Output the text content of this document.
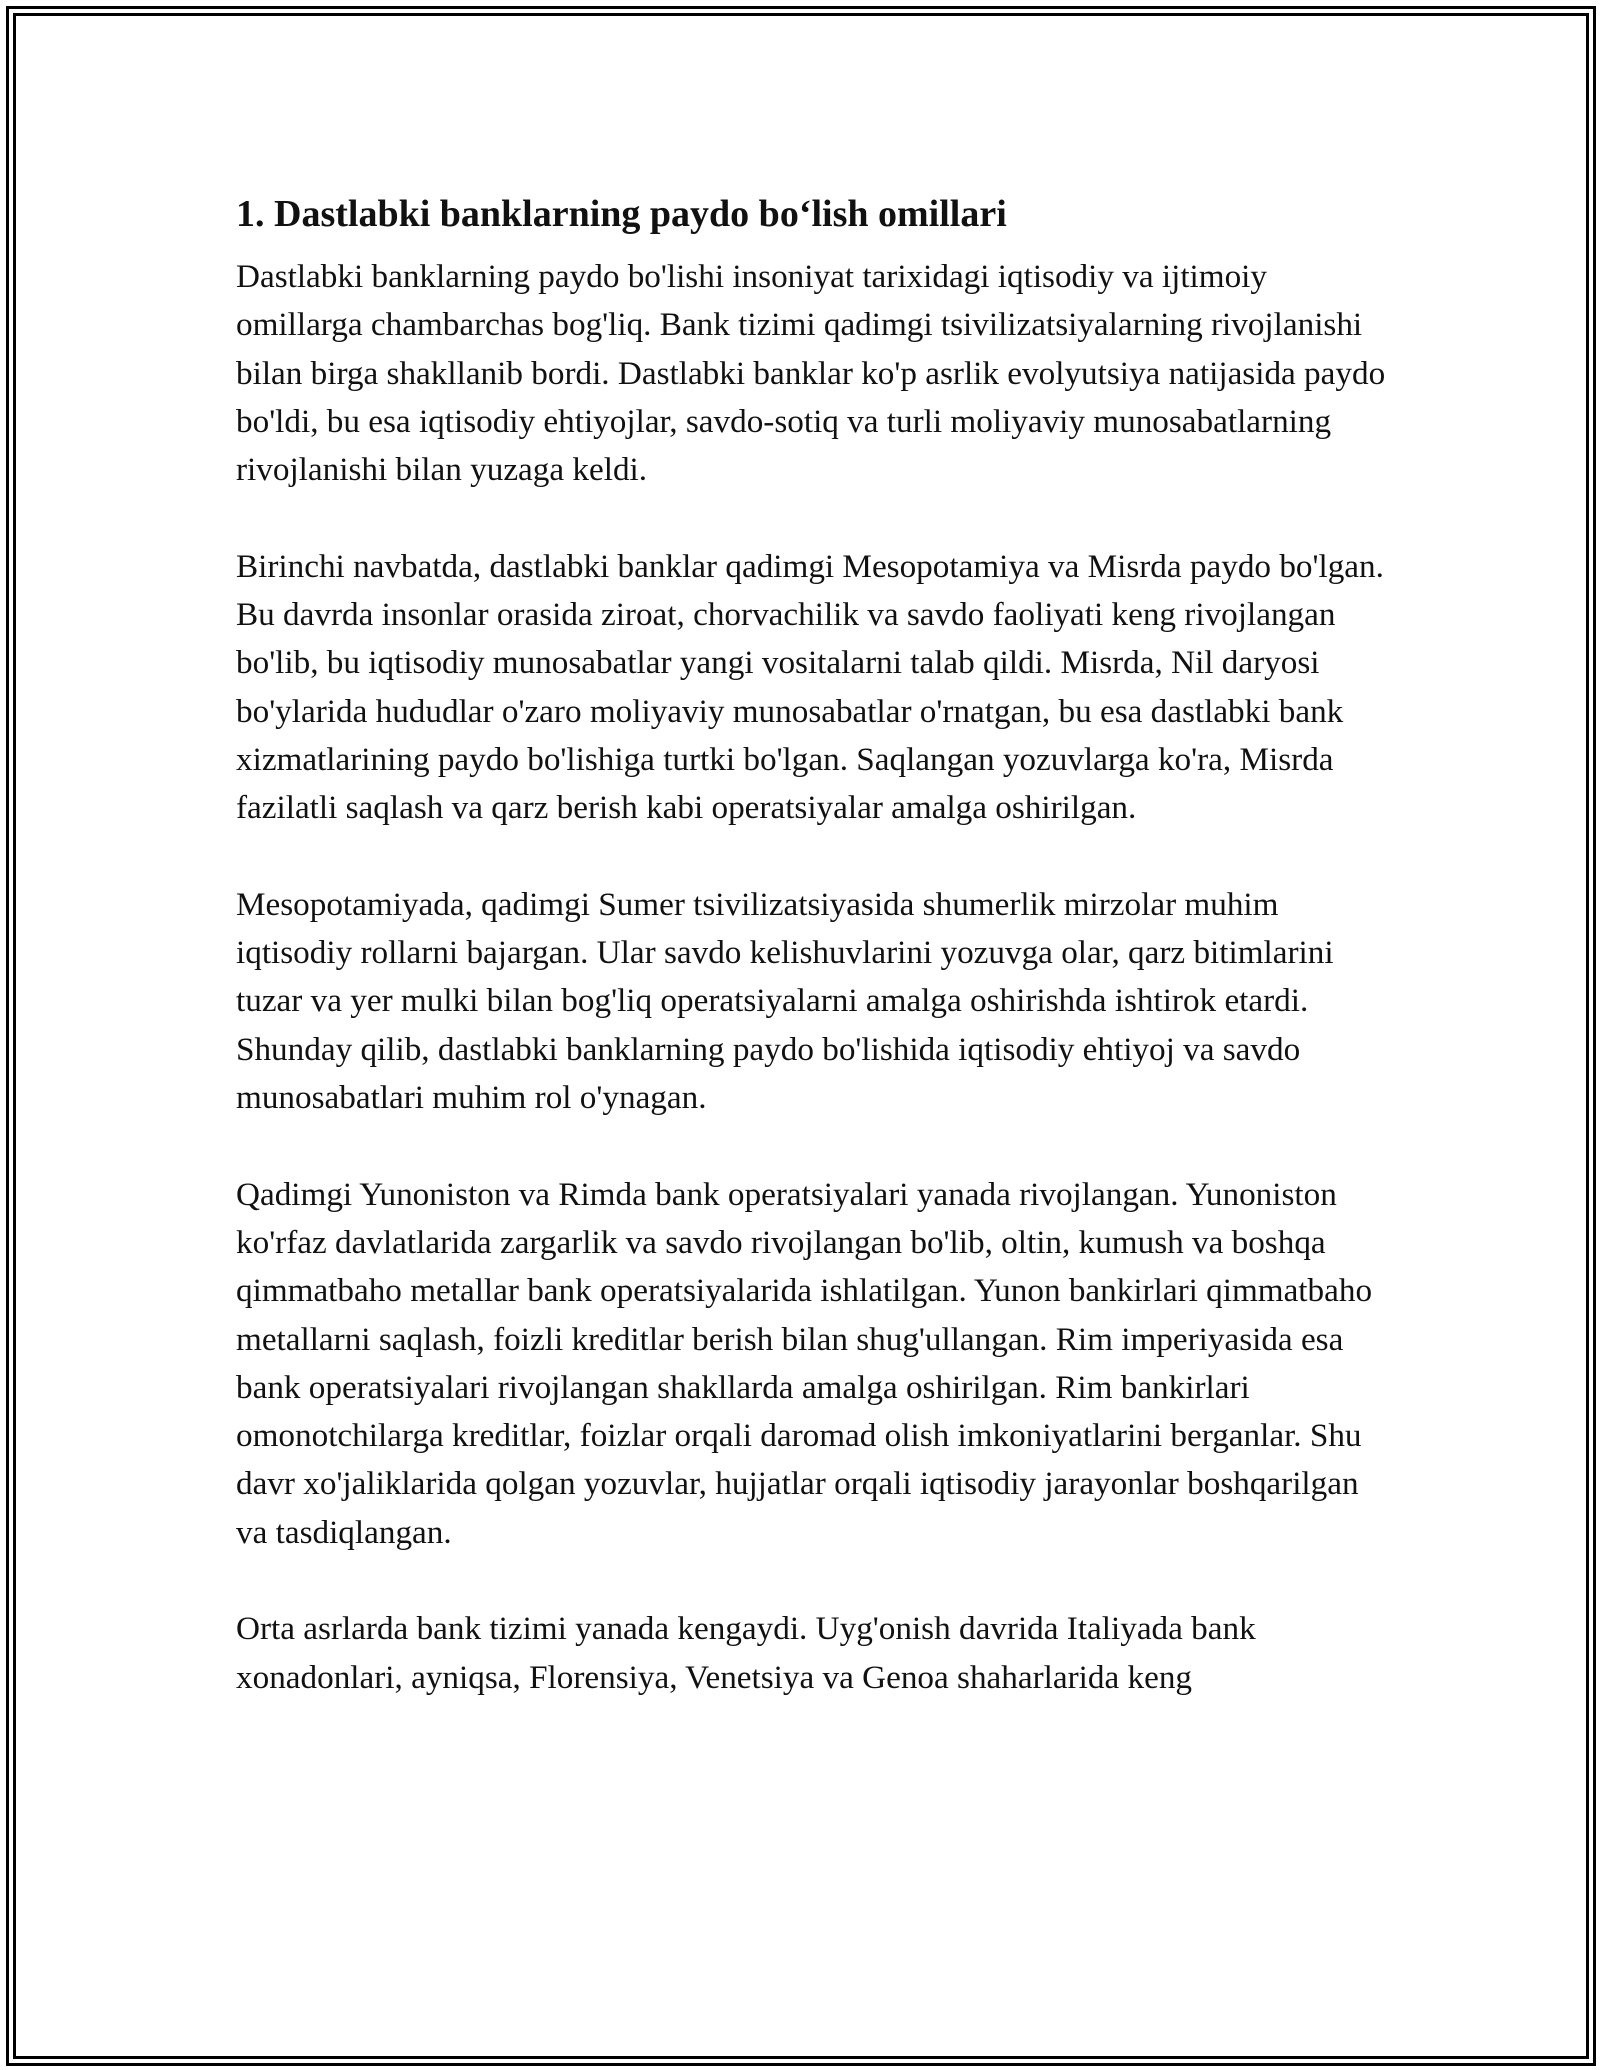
1. Dastlabki banklarning paydo bo‘lish omillari

Dastlabki banklarning paydo bo'lishi insoniyat tarixidagi iqtisodiy va ijtimoiy omillarga chambarchas bog'liq. Bank tizimi qadimgi tsivilizatsiyalarning rivojlanishi bilan birga shakllanib bordi. Dastlabki banklar ko'p asrlik evolyutsiya natijasida paydo bo'ldi, bu esa iqtisodiy ehtiyojlar, savdo-sotiq va turli moliyaviy munosabatlarning rivojlanishi bilan yuzaga keldi.

Birinchi navbatda, dastlabki banklar qadimgi Mesopotamiya va Misrda paydo bo'lgan. Bu davrda insonlar orasida ziroat, chorvachilik va savdo faoliyati keng rivojlangan bo'lib, bu iqtisodiy munosabatlar yangi vositalarni talab qildi. Misrda, Nil daryosi bo'ylarida hududlar o'zaro moliyaviy munosabatlar o'rnatgan, bu esa dastlabki bank xizmatlarining paydo bo'lishiga turtki bo'lgan. Saqlangan yozuvlarga ko'ra, Misrda fazilatli saqlash va qarz berish kabi operatsiyalar amalga oshirilgan.

Mesopotamiyada, qadimgi Sumer tsivilizatsiyasida shumerlik mirzolar muhim iqtisodiy rollarni bajargan. Ular savdo kelishuvlarini yozuvga olar, qarz bitimlarini tuzar va yer mulki bilan bog'liq operatsiyalarni amalga oshirishda ishtirok etardi. Shunday qilib, dastlabki banklarning paydo bo'lishida iqtisodiy ehtiyoj va savdo munosabatlari muhim rol o'ynagan.

Qadimgi Yunoniston va Rimda bank operatsiyalari yanada rivojlangan. Yunoniston ko'rfaz davlatlarida zargarlik va savdo rivojlangan bo'lib, oltin, kumush va boshqa qimmatbaho metallar bank operatsiyalarida ishlatilgan. Yunon bankirlari qimmatbaho metallarni saqlash, foizli kreditlar berish bilan shug'ullangan. Rim imperiyasida esa bank operatsiyalari rivojlangan shakllarda amalga oshirilgan. Rim bankirlari omonotchilarga kreditlar, foizlar orqali daromad olish imkoniyatlarini berganlar. Shu davr xo'jaliklarida qolgan yozuvlar, hujjatlar orqali iqtisodiy jarayonlar boshqarilgan va tasdiqlangan.

Orta asrlarda bank tizimi yanada kengaydi. Uyg'onish davrida Italiyada bank xonadonlari, ayniqsa, Florensiya, Venetsiya va Genoa shaharlarida keng
